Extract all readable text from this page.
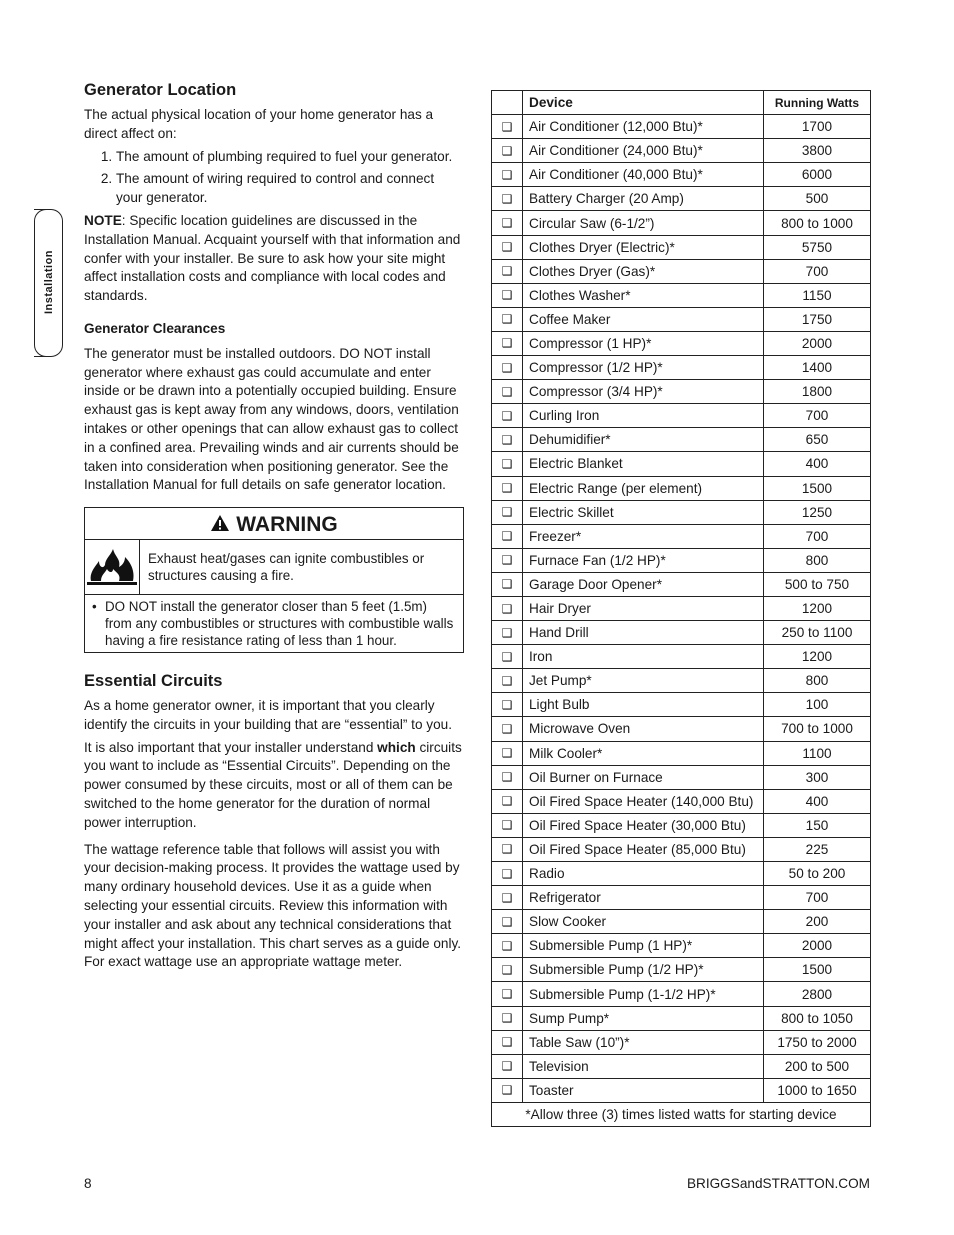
Installation
Generator Location

The actual physical location of your home generator has a direct affect on:

1. The amount of plumbing required to fuel your generator.
2. The amount of wiring required to control and connect your generator.

NOTE: Specific location guidelines are discussed in the Installation Manual. Acquaint yourself with that information and confer with your installer. Be sure to ask how your site might affect installation costs and compliance with local codes and standards.

Generator Clearances

The generator must be installed outdoors. DO NOT install generator where exhaust gas could accumulate and enter inside or be drawn into a potentially occupied building. Ensure exhaust gas is kept away from any windows, doors, ventilation intakes or other openings that can allow exhaust gas to collect in a confined area. Prevailing winds and air currents should be taken into consideration when positioning generator. See the Installation Manual for full details on safe generator location.

WARNING
Exhaust heat/gases can ignite combustibles or structures causing a fire.
• DO NOT install the generator closer than 5 feet (1.5m) from any combustibles or structures with combustible walls having a fire resistance rating of less than 1 hour.
Essential Circuits

As a home generator owner, it is important that you clearly identify the circuits in your building that are “essential” to you.

It is also important that your installer understand which circuits you want to include as “Essential Circuits”. Depending on the power consumed by these circuits, most or all of them can be switched to the home generator for the duration of normal power interruption.

The wattage reference table that follows will assist you with your decision-making process. It provides the wattage used by many ordinary household devices. Use it as a guide when selecting your essential circuits. Review this information with your installer and ask about any technical considerations that might affect your installation. This chart serves as a guide only. For exact wattage use an appropriate wattage meter.

	Device	Running Watts
❑	Air Conditioner (12,000 Btu)*	1700
❑	Air Conditioner (24,000 Btu)*	3800
❑	Air Conditioner (40,000 Btu)*	6000
❑	Battery Charger (20 Amp)	500
❑	Circular Saw (6-1/2”)	800 to 1000
❑	Clothes Dryer (Electric)*	5750
❑	Clothes Dryer (Gas)*	700
❑	Clothes Washer*	1150
❑	Coffee Maker	1750
❑	Compressor (1 HP)*	2000
❑	Compressor (1/2 HP)*	1400
❑	Compressor (3/4 HP)*	1800
❑	Curling Iron	700
❑	Dehumidifier*	650
❑	Electric Blanket	400
❑	Electric Range (per element)	1500
❑	Electric Skillet	1250
❑	Freezer*	700
❑	Furnace Fan (1/2 HP)*	800
❑	Garage Door Opener*	500 to 750
❑	Hair Dryer	1200
❑	Hand Drill	250 to 1100
❑	Iron	1200
❑	Jet Pump*	800
❑	Light Bulb	100
❑	Microwave Oven	700 to 1000
❑	Milk Cooler*	1100
❑	Oil Burner on Furnace	300
❑	Oil Fired Space Heater (140,000 Btu)	400
❑	Oil Fired Space Heater (30,000 Btu)	150
❑	Oil Fired Space Heater (85,000 Btu)	225
❑	Radio	50 to 200
❑	Refrigerator	700
❑	Slow Cooker	200
❑	Submersible Pump (1 HP)*	2000
❑	Submersible Pump (1/2 HP)*	1500
❑	Submersible Pump (1-1/2 HP)*	2800
❑	Sump Pump*	800 to 1050
❑	Table Saw (10”)*	1750 to 2000
❑	Television	200 to 500
❑	Toaster	1000 to 1650
*Allow three (3) times listed watts for starting device		
8	BRIGGSandSTRATTON.COM
